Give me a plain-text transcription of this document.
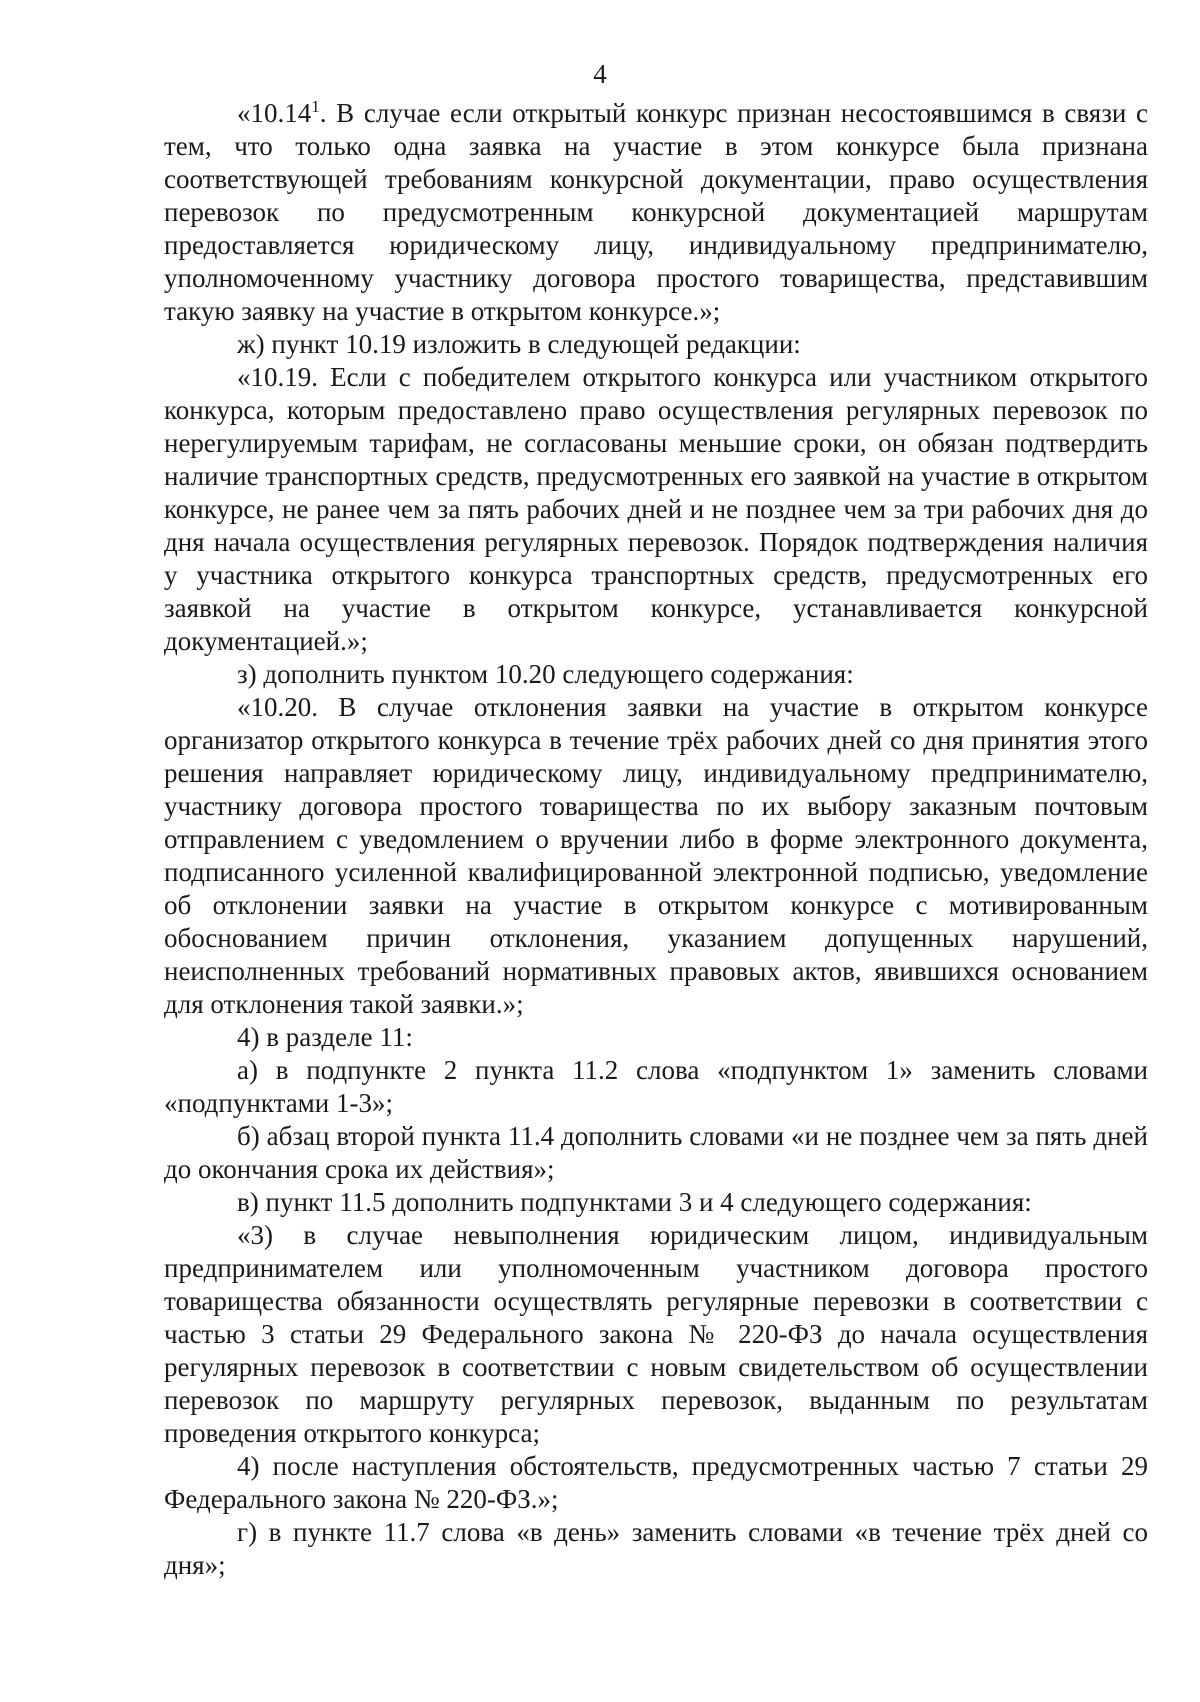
4

«10.14$^1$. В случае если открытый конкурс признан несостоявшимся в связи с тем, что только одна заявка на участие в этом конкурсе была признана соответствующей требованиям конкурсной документации, право осуществления перевозок по предусмотренным конкурсной документацией маршрутам предоставляется юридическому лицу, индивидуальному предпринимателю, уполномоченному участнику договора простого товарищества, представившим такую заявку на участие в открытом конкурсе.»;

ж) пункт 10.19 изложить в следующей редакции:

«10.19. Если с победителем открытого конкурса или участником открытого конкурса, которым предоставлено право осуществления регулярных перевозок по нерегулируемым тарифам, не согласованы меньшие сроки, он обязан подтвердить наличие транспортных средств, предусмотренных его заявкой на участие в открытом конкурсе, не ранее чем за пять рабочих дней и не позднее чем за три рабочих дня до дня начала осуществления регулярных перевозок. Порядок подтверждения наличия у участника открытого конкурса транспортных средств, предусмотренных его заявкой на участие в открытом конкурсе, устанавливается конкурсной документацией.»;

з) дополнить пунктом 10.20 следующего содержания:

«10.20. В случае отклонения заявки на участие в открытом конкурсе организатор открытого конкурса в течение трёх рабочих дней со дня принятия этого решения направляет юридическому лицу, индивидуальному предпринимателю, участнику договора простого товарищества по их выбору заказным почтовым отправлением с уведомлением о вручении либо в форме электронного документа, подписанного усиленной квалифицированной электронной подписью, уведомление об отклонении заявки на участие в открытом конкурсе с мотивированным обоснованием причин отклонения, указанием допущенных нарушений, неисполненных требований нормативных правовых актов, явившихся основанием для отклонения такой заявки.»;

4) в разделе 11:

а) в подпункте 2 пункта 11.2 слова «подпунктом 1» заменить словами «подпунктами 1-3»;

б) абзац второй пункта 11.4 дополнить словами «и не позднее чем за пять дней до окончания срока их действия»;

в) пункт 11.5 дополнить подпунктами 3 и 4 следующего содержания:

«3) в случае невыполнения юридическим лицом, индивидуальным предпринимателем или уполномоченным участником договора простого товарищества обязанности осуществлять регулярные перевозки в соответствии с частью 3 статьи 29 Федерального закона № 220-ФЗ до начала осуществления регулярных перевозок в соответствии с новым свидетельством об осуществлении перевозок по маршруту регулярных перевозок, выданным по результатам проведения открытого конкурса;

4) после наступления обстоятельств, предусмотренных частью 7 статьи 29 Федерального закона № 220-ФЗ.»;

г) в пункте 11.7 слова «в день» заменить словами «в течение трёх дней со дня»;
